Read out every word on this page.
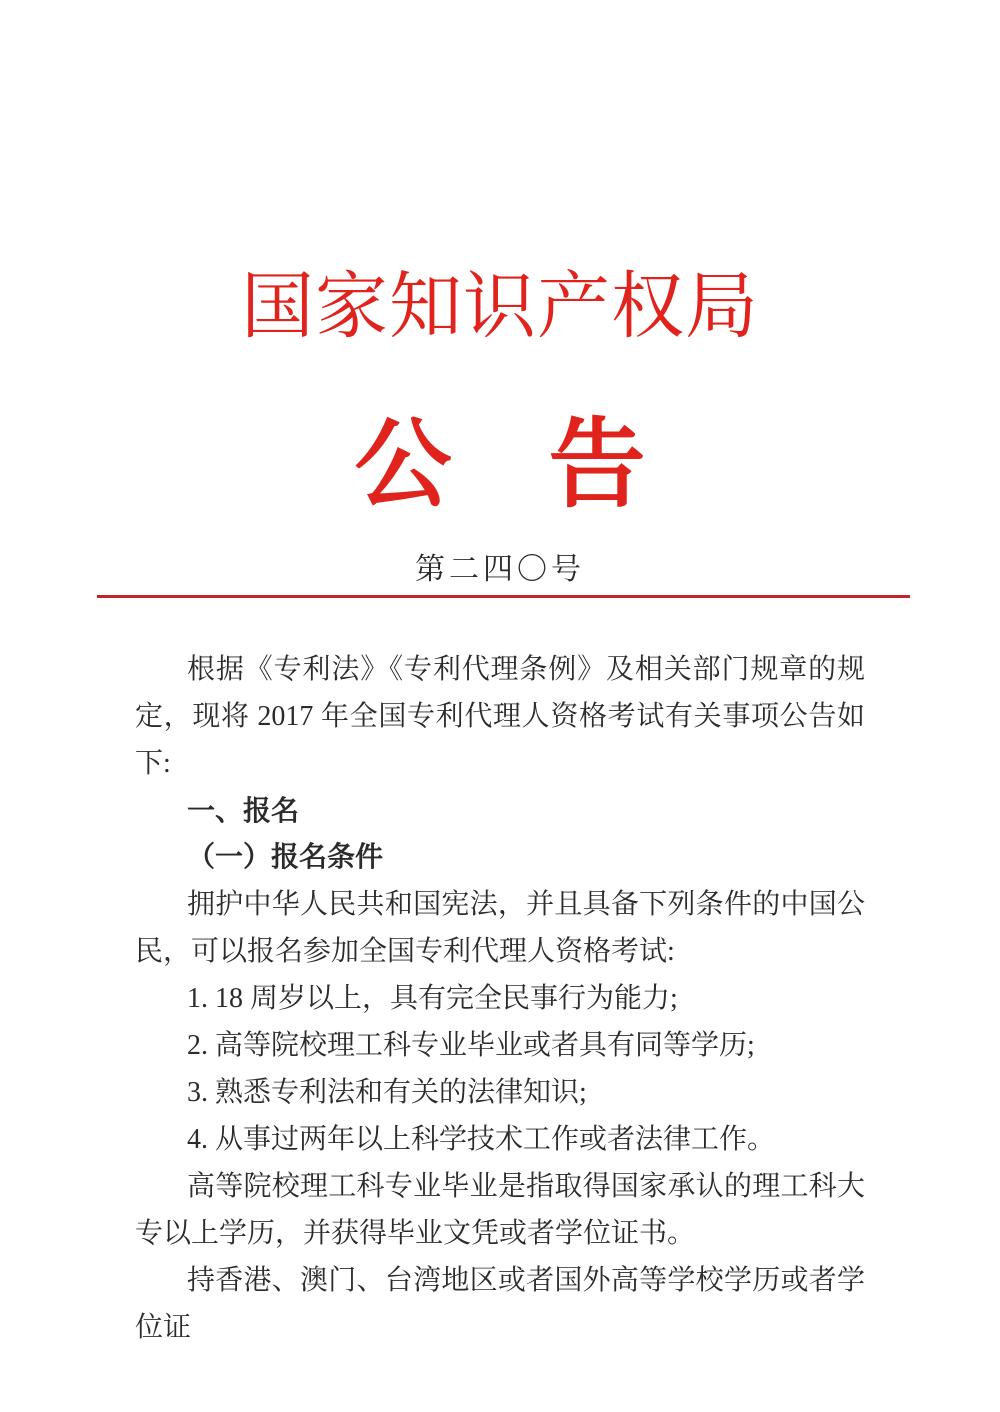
国家知识产权局
公　告
第二四〇号

根据《专利法》《专利代理条例》及相关部门规章的规定，现将 2017 年全国专利代理人资格考试有关事项公告如下:

一、报名

（一）报名条件

拥护中华人民共和国宪法，并且具备下列条件的中国公民，可以报名参加全国专利代理人资格考试:

1. 18 周岁以上，具有完全民事行为能力;

2. 高等院校理工科专业毕业或者具有同等学历;

3. 熟悉专利法和有关的法律知识;

4. 从事过两年以上科学技术工作或者法律工作。

高等院校理工科专业毕业是指取得国家承认的理工科大专以上学历，并获得毕业文凭或者学位证书。

持香港、澳门、台湾地区或者国外高等学校学历或者学位证
